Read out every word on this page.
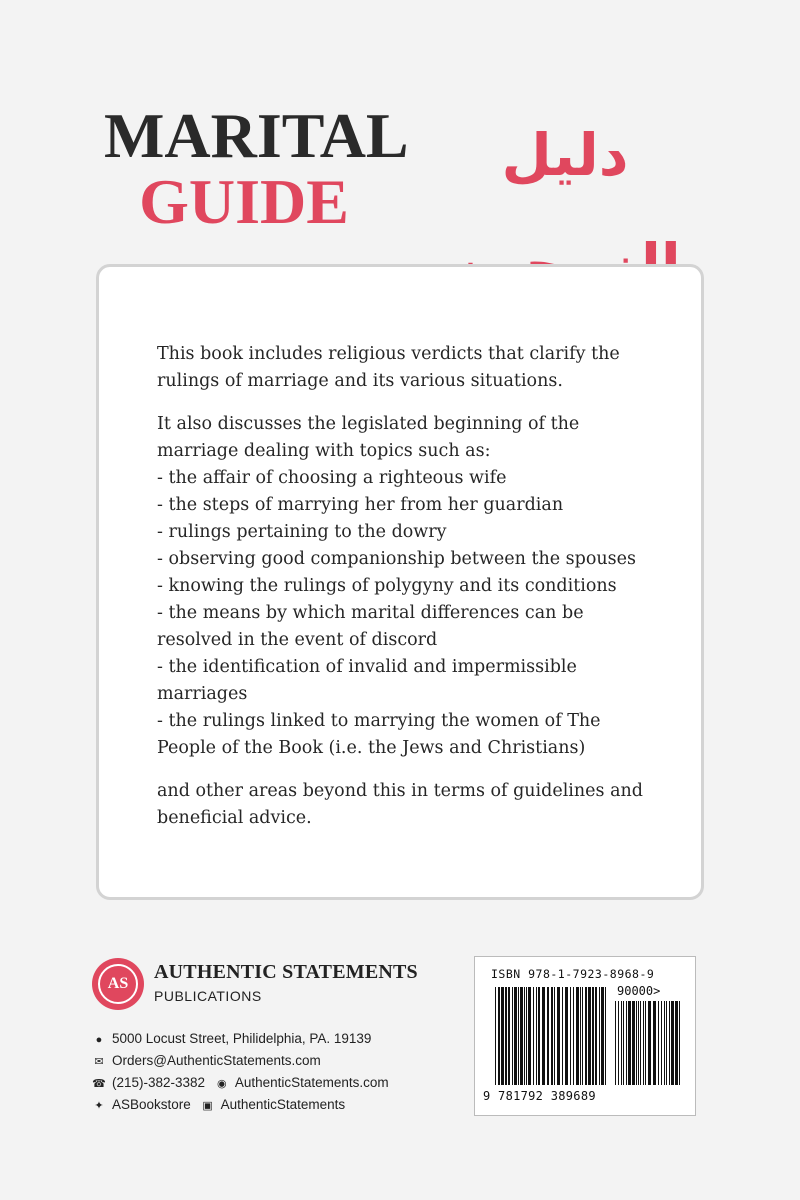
MARITAL
GUIDE
دليل

This book includes religious verdicts that clarify the
rulings of marriage and its various situations.

It also discusses the legislated beginning of the
marriage dealing with topics such as:
- the affair of choosing a righteous wife
- the steps of marrying her from her guardian
- rulings pertaining to the dowry
- observing good companionship between the spouses
- knowing the rulings of polygyny and its conditions
- the means by which marital differences can be
resolved in the event of discord
- the identification of invalid and impermissible
marriages
- the rulings linked to marrying the women of The
People of the Book (i.e. the Jews and Christians)

and other areas beyond this in terms of guidelines and
beneficial advice.

AS
AUTHENTIC STATEMENTS
PUBLICATIONS
● 5000 Locust Street, Philidelphia, PA. 19139
✉ Orders@AuthenticStatements.com
☎ (215)-382-3382 ◉ AuthenticStatements.com
✦ ASBookstore ▣ AuthenticStatements
ISBN 978-1-7923-8968-9
90000>
9 781792 389689
